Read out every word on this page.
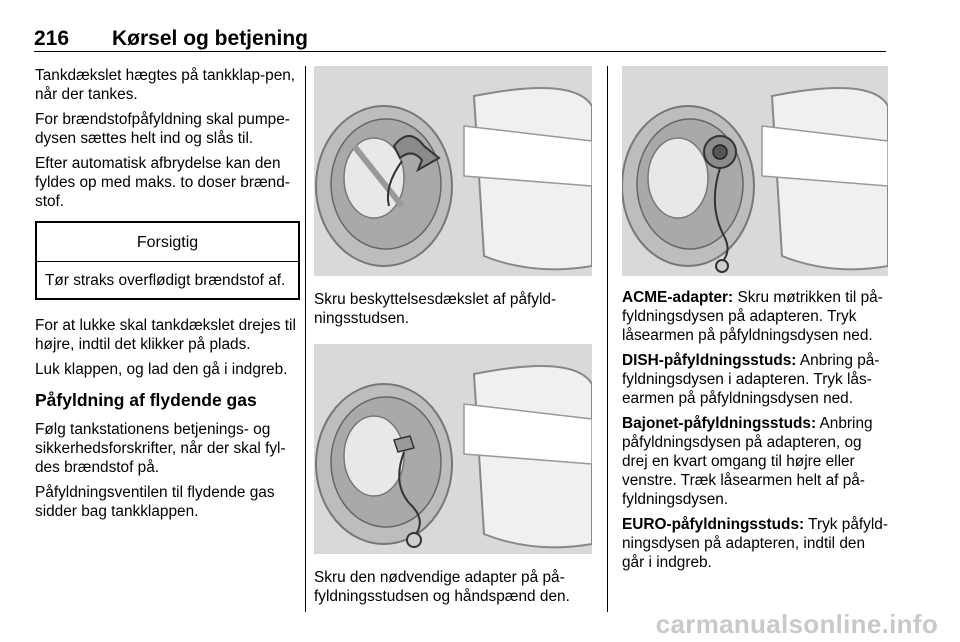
216 Kørsel og betjening

Tankdækslet hægtes på tankklap-pen, når der tankes.

For brændstofpåfyldning skal pumpe-dysen sættes helt ind og slås til.

Efter automatisk afbrydelse kan den fyldes op med maks. to doser brænd-stof.

Forsigtig
Tør straks overflødigt brændstof af.

For at lukke skal tankdækslet drejes til højre, indtil det klikker på plads.

Luk klappen, og lad den gå i indgreb.

Påfyldning af flydende gas

Følg tankstationens betjenings- og sikkerhedsforskrifter, når der skal fyl-des brændstof på.

Påfyldningsventilen til flydende gas sidder bag tankklappen.

Skru beskyttelsesdækslet af påfyld-ningsstudsen.

Skru den nødvendige adapter på på-fyldningsstudsen og håndspænd den.

ACME-adapter: Skru møtrikken til på-fyldningsdysen på adapteren. Tryk låsearmen på påfyldningsdysen ned.

DISH-påfyldningsstuds: Anbring på-fyldningsdysen i adapteren. Tryk lås-earmen på påfyldningsdysen ned.

Bajonet-påfyldningsstuds: Anbring påfyldningsdysen på adapteren, og drej en kvart omgang til højre eller venstre. Træk låsearmen helt af på-fyldningsdysen.

EURO-påfyldningsstuds: Tryk påfyld-ningsdysen på adapteren, indtil den går i indgreb.

carmanualsonline.info
